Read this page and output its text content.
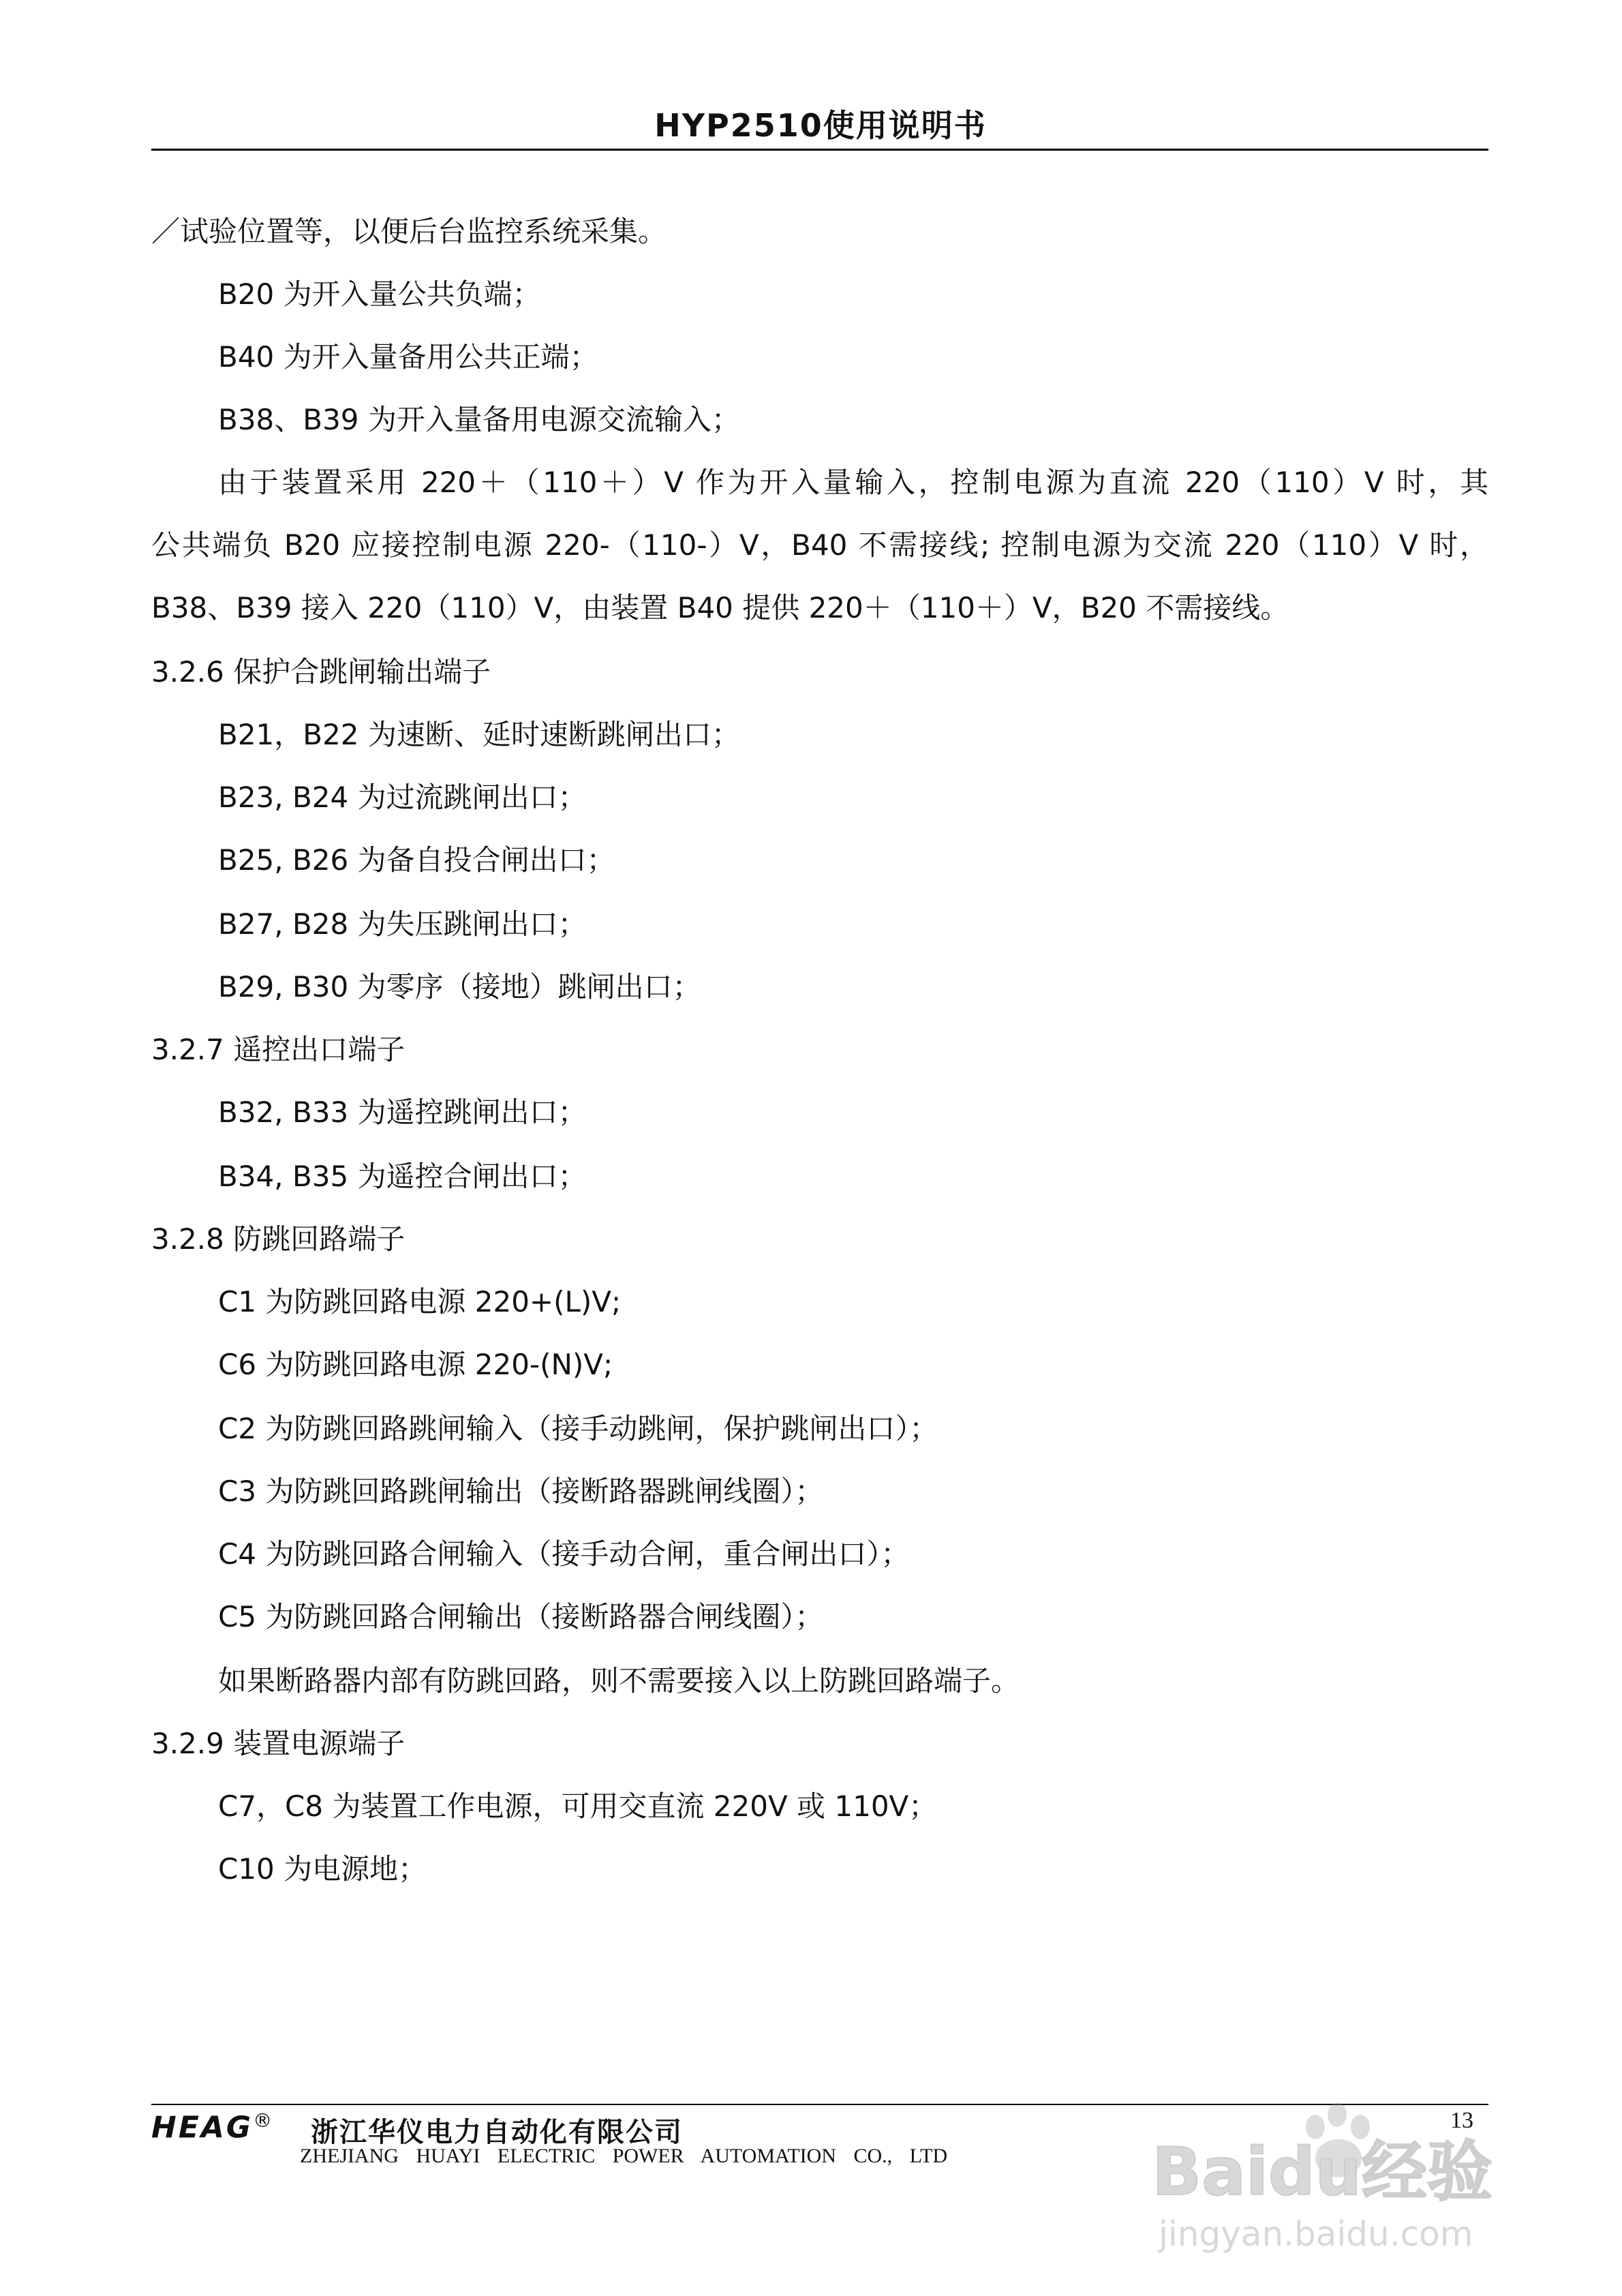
HYP2510使用说明书
／试验位置等，以便后台监控系统采集。
B20 为开入量公共负端；
B40 为开入量备用公共正端；
B38、B39 为开入量备用电源交流输入；
由于装置采用 220＋（110＋）V 作为开入量输入，控制电源为直流 220（110）V 时，其
公共端负 B20 应接控制电源 220-（110-）V，B40 不需接线; 控制电源为交流 220（110）V 时，
B38、B39 接入 220（110）V，由装置 B40 提供 220＋（110＋）V，B20 不需接线。
3.2.6 保护合跳闸输出端子
B21，B22 为速断、延时速断跳闸出口；
B23, B24 为过流跳闸出口；
B25, B26 为备自投合闸出口；
B27, B28 为失压跳闸出口；
B29, B30 为零序（接地）跳闸出口；
3.2.7 遥控出口端子
B32, B33 为遥控跳闸出口；
B34, B35 为遥控合闸出口；
3.2.8 防跳回路端子
C1 为防跳回路电源 220+(L)V;
C6 为防跳回路电源 220-(N)V;
C2 为防跳回路跳闸输入（接手动跳闸，保护跳闸出口）；
C3 为防跳回路跳闸输出（接断路器跳闸线圈）；
C4 为防跳回路合闸输入（接手动合闸，重合闸出口）；
C5 为防跳回路合闸输出（接断路器合闸线圈）；
如果断路器内部有防跳回路，则不需要接入以上防跳回路端子。
3.2.9 装置电源端子
C7，C8 为装置工作电源，可用交直流 220V 或 110V；
C10 为电源地；
HEAG® 浙江华仪电力自动化有限公司
ZHEJIANG HUAYI ELECTRIC POWER AUTOMATION CO., LTD
13
Baidu经验
jingyan.baidu.com
